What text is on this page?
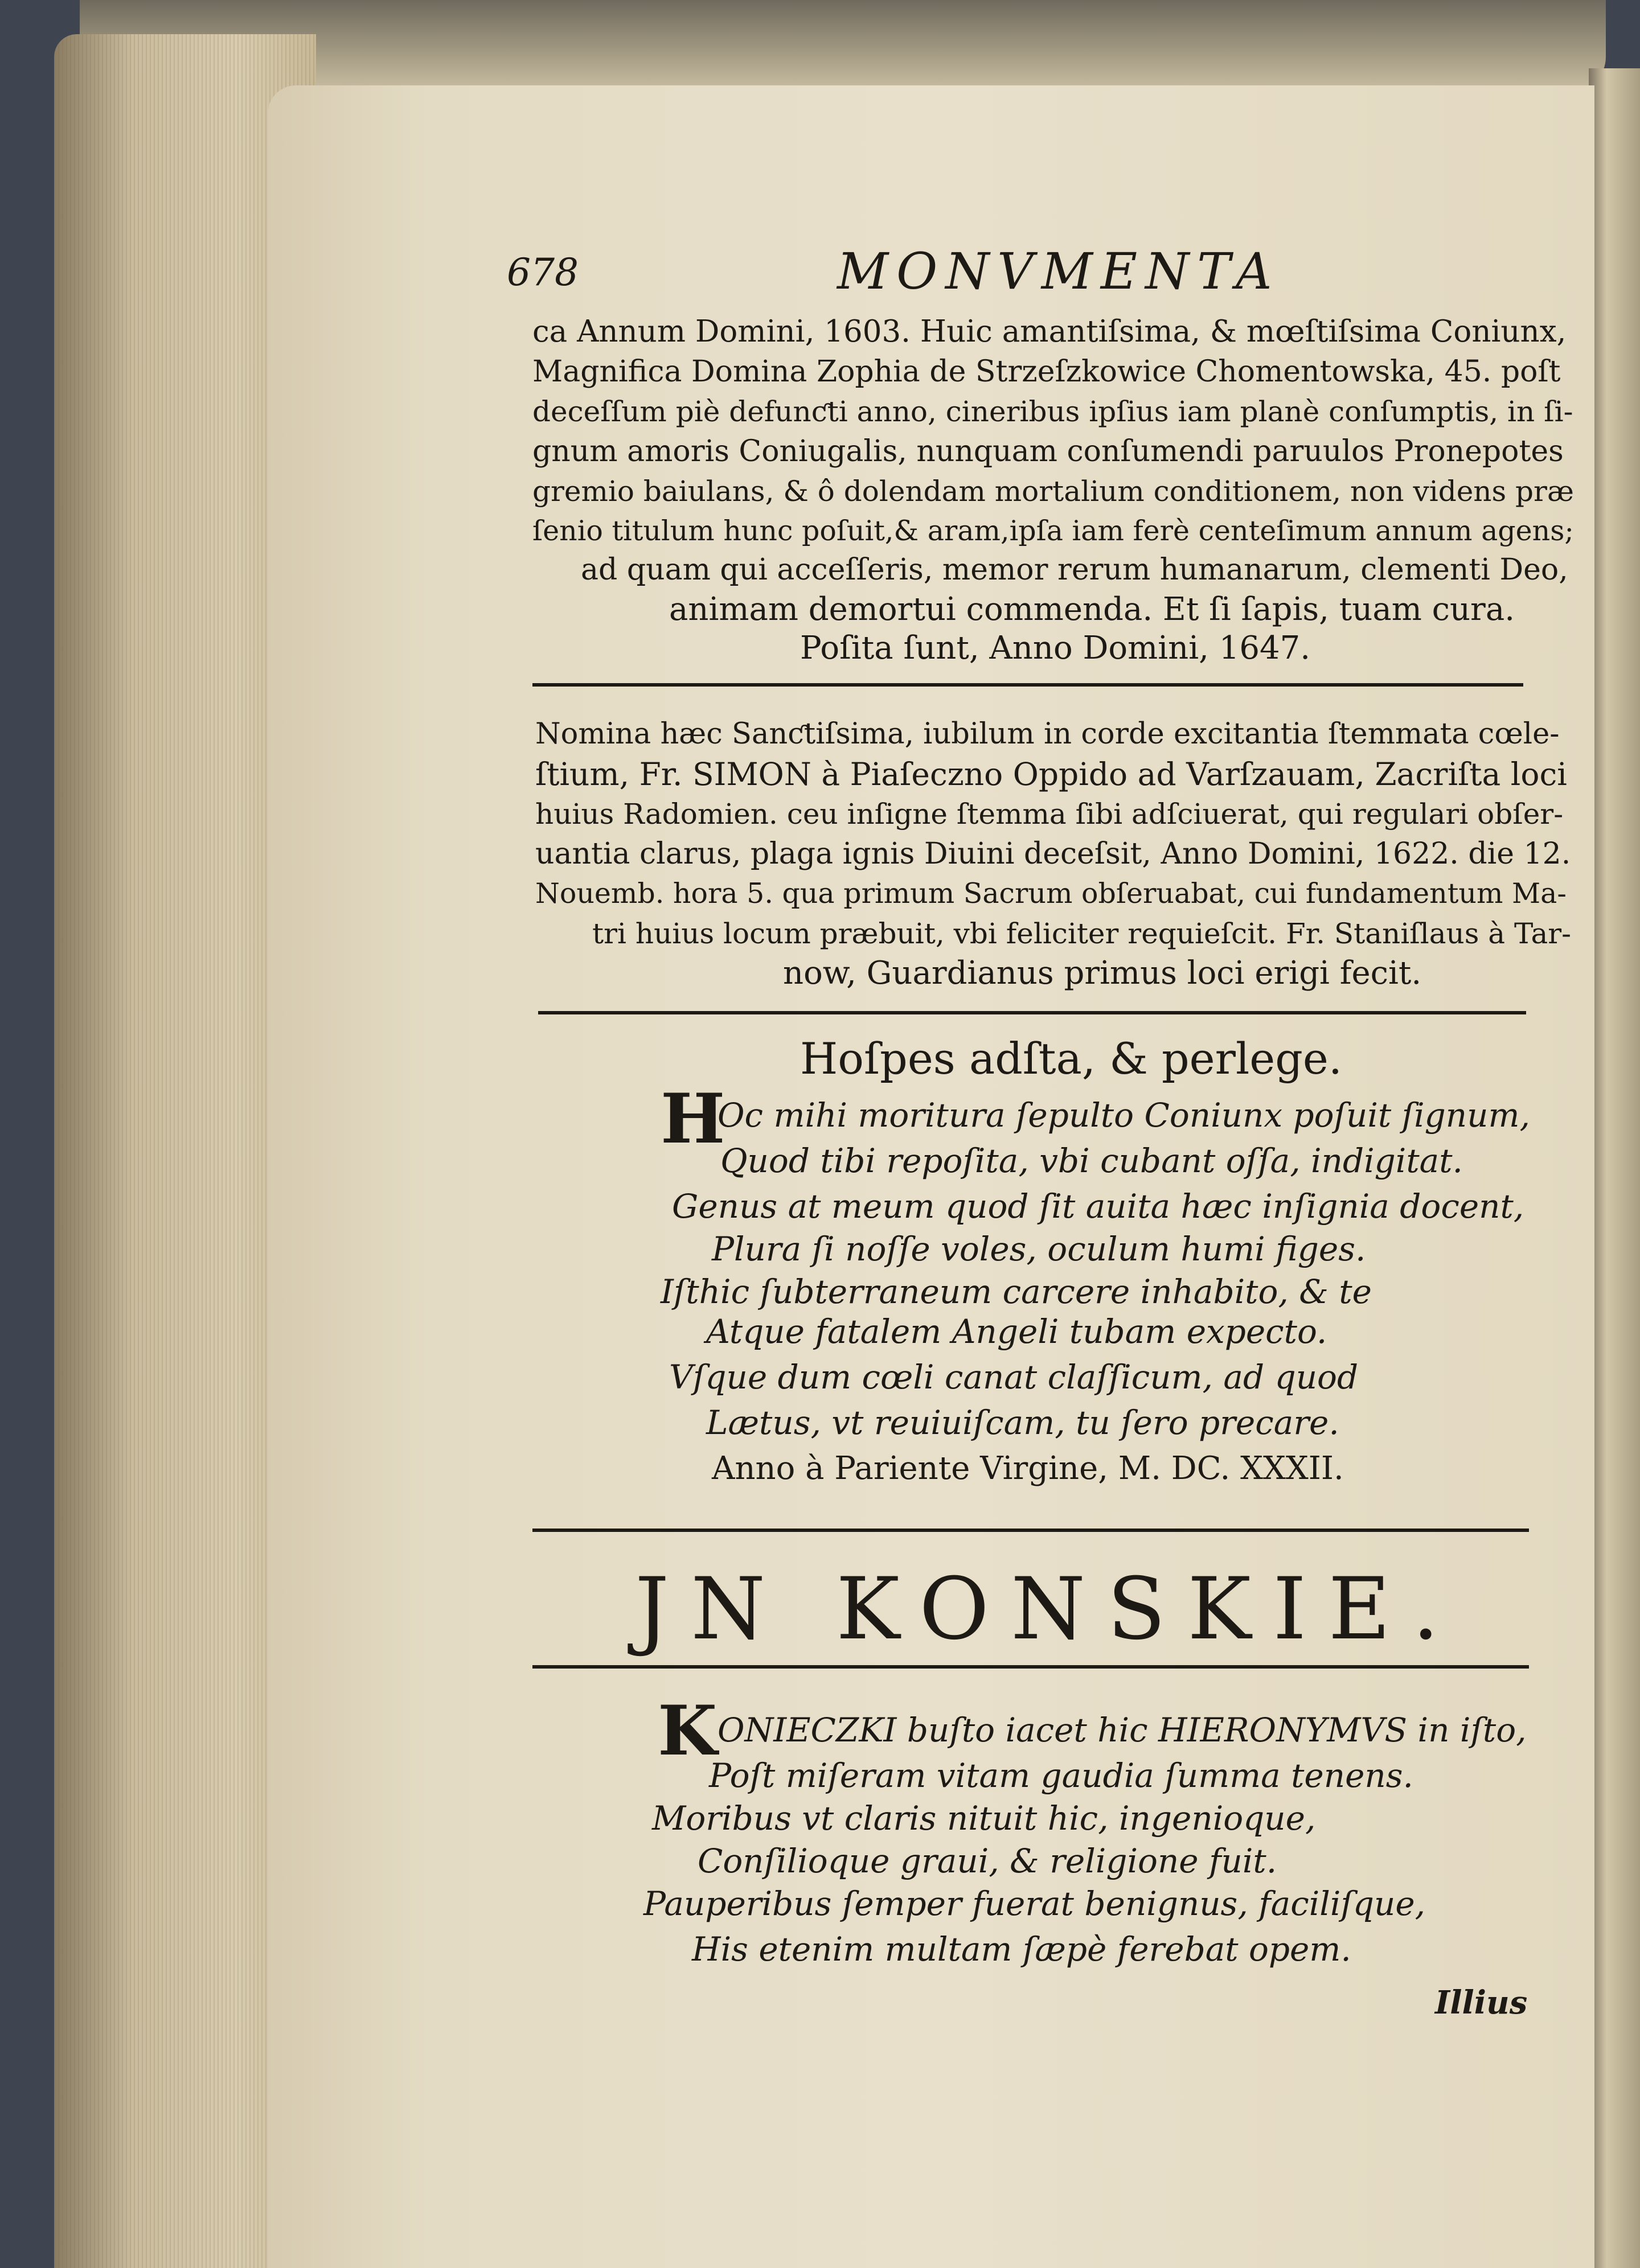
678	MONVMENTA
ca Annum Domini, 1603. Huic amantiſsima, & mœſtiſsima Coniunx,
Magnifica Domina Zophia de Strzeſzkowice Chomentowska, 45. poſt
deceſſum piè defunƈti anno, cineribus ipſius iam planè conſumptis, in ſi-
gnum amoris Coniugalis, nunquam conſumendi paruulos Pronepotes
gremio baiulans, & ô dolendam mortalium conditionem, non videns præ
ſenio titulum hunc poſuit,& aram,ipſa iam ferè centeſimum annum agens;
ad quam qui acceſſeris, memor rerum humanarum, clementi Deo,
animam demortui commenda. Et ſi ſapis, tuam cura.
Poſita ſunt, Anno Domini, 1647.
Nomina hæc Sanƈtiſsima, iubilum in corde excitantia ſtemmata cœle-
ſtium, Fr. SIMON à Piaſeczno Oppido ad Varſzauam, Zacriſta loci
huius Radomien. ceu inſigne ſtemma ſibi adſciuerat, qui regulari obſer-
uantia clarus, plaga ignis Diuini deceſsit, Anno Domini, 1622. die 12.
Nouemb. hora 5. qua primum Sacrum obſeruabat, cui fundamentum Ma-
tri huius locum præbuit, vbi feliciter requieſcit. Fr. Staniſlaus à Tar-
now, Guardianus primus loci erigi fecit.
Hoſpes adſta, & perlege.
H
Oc mihi moritura ſepulto Coniunx poſuit ſignum,
Quod tibi repoſita, vbi cubant oſſa, indigitat.
Genus at meum quod ſit auita hæc inſignia docent,
Plura ſi noſſe voles, oculum humi figes.
Iſthic ſubterraneum carcere inhabito, & te
Atque fatalem Angeli tubam expecto.
Vſque dum cœli canat claſſicum, ad quod
Lætus, vt reuiuiſcam, tu ſero precare.
Anno à Pariente Virgine, M. DC. XXXII.
JN KONSKIE.
K ONIECZKI buſto iacet hic HIERONYMVS in iſto,
Poſt miſeram vitam gaudia ſumma tenens.
Moribus vt claris nituit hic, ingenioque,
Conſilioque graui, & religione fuit.
Pauperibus ſemper fuerat benignus, faciliſque,
His etenim multam ſæpè ferebat opem.
Illius
